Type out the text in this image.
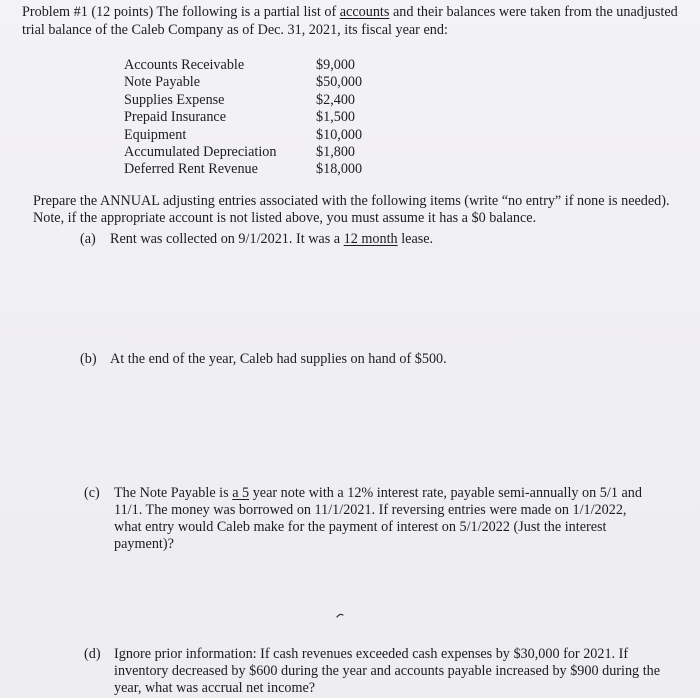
Problem #1 (12 points) The following is a partial list of accounts and their balances were taken from the unadjusted trial balance of the Caleb Company as of Dec. 31, 2021, its fiscal year end:
Accounts Receivable	$9,000
Note Payable	$50,000
Supplies Expense	$2,400
Prepaid Insurance	$1,500
Equipment	$10,000
Accumulated Depreciation	$1,800
Deferred Rent Revenue	$18,000
Prepare the ANNUAL adjusting entries associated with the following items (write “no entry” if none is needed). Note, if the appropriate account is not listed above, you must assume it has a $0 balance.
(a)	Rent was collected on 9/1/2021. It was a 12 month lease.
(b) At the end of the year, Caleb had supplies on hand of $500.
(c)	The Note Payable is a 5 year note with a 12% interest rate, payable semi-annually on 5/1 and 11/1. The money was borrowed on 11/1/2021. If reversing entries were made on 1/1/2022, what entry would Caleb make for the payment of interest on 5/1/2022 (Just the interest payment)?
(d) Ignore prior information: If cash revenues exceeded cash expenses by $30,000 for 2021. If inventory decreased by $600 during the year and accounts payable increased by $900 during the year, what was accrual net income?
